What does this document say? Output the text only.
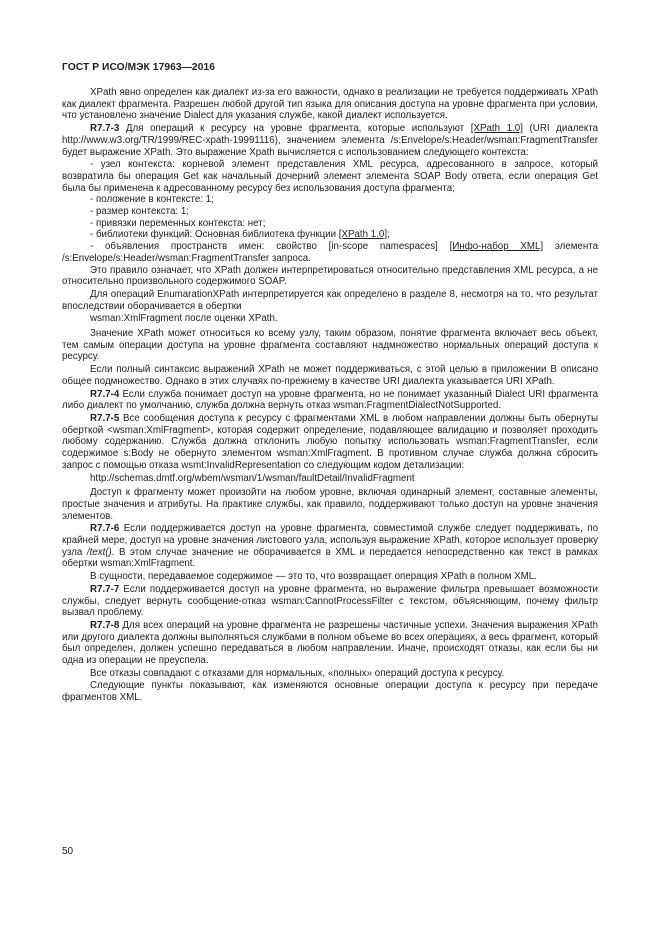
ГОСТ Р ИСО/МЭК 17963—2016

XPath явно определен как диалект из-за его важности, однако в реализации не требуется поддерживать XPath как диалект фрагмента. Разрешен любой другой тип языка для описания доступа на уровне фрагмента при условии, что установлено значение Dialect для указания службе, какой диалект используется.

R7.7-3 Для операций к ресурсу на уровне фрагмента, которые используют [XPath 1.0] (URI диалекта http://www.w3.org/TR/1999/REC-xpath-19991116), значением элемента /s:Envelope/s:Header/wsman:FragmentTransfer будет выражение XPath. Это выражение Xpath вычисляется с использованием следующего контекста:

- узел контекста: корневой элемент представления XML ресурса, адресованного в запросе, который возвратила бы операция Get как начальный дочерний элемент элемента SOAP Body ответа, если операция Get была бы применена к адресованному ресурсу без использования доступа фрагмента;

- положение в контексте: 1;

- размер контекста: 1;

- привязки переменных контекста: нет;

- библиотеки функций: Основная библиотека функции [XPath 1.0];

- объявления пространств имен: свойство [in-scope namespaces] [Инфо-набор XML] элемента /s:Envelope/s:Header/wsman:FragmentTransfer запроса.

Это правило означает, что XPath должен интерпретироваться относительно представления XML ресурса, а не относительно произвольного содержимого SOAP.

Для операций EnumarationXPath интерпретируется как определено в разделе 8, несмотря на то, что результат впоследствии оборачивается в обертки

wsman:XmlFragment после оценки XPath.

Значение XPath может относиться ко всему узлу, таким образом, понятие фрагмента включает весь объект, тем самым операции доступа на уровне фрагмента составляют надмножество нормальных операций доступа к ресурсу.

Если полный синтаксис выражений XPath не может поддерживаться, с этой целью в приложении В описано общее подмножество. Однако в этих случаях по-прежнему в качестве URI диалекта указывается URI XPath.

R7.7-4 Если служба понимает доступ на уровне фрагмента, но не понимает указанный Dialect URI фрагмента либо диалект по умолчанию, служба должна вернуть отказ wsman:FragmentDialectNotSupported.

R7.7-5 Все сообщения доступа к ресурсу с фрагментами XML в любом направлении должны быть обернуты оберткой <wsman:XmlFragment>, которая содержит определение, подавляющее валидацию и позволяет проходить любому содержанию. Служба должна отклонить любую попытку использовать wsman:FragmentTransfer, если содержимое s:Body не обернуто элементом wsman:XmlFragment. В противном случае служба должна сбросить запрос с помощью отказа wsmt:InvalidRepresentation со следующим кодом детализации:

http://schemas.dmtf.org/wbem/wsman/1/wsman/faultDetail/InvalidFragment

Доступ к фрагменту может произойти на любом уровне, включая одинарный элемент, составные элементы, простые значения и атрибуты. На практике службы, как правило, поддерживают только доступ на уровне значения элементов.

R7.7-6 Если поддерживается доступ на уровне фрагмента, совместимой службе следует поддерживать, по крайней мере, доступ на уровне значения листового узла, используя выражение XPath, которое использует проверку узла /text(). В этом случае значение не оборачивается в XML и передается непосредственно как текст в рамках обертки wsman:XmlFragment.

В сущности, передаваемое содержимое — это то, что возвращает операция XPath в полном XML.

R7.7-7 Если поддерживается доступ на уровне фрагмента, но выражение фильтра превышает возможности службы, следует вернуть сообщение-отказ wsman:CannotProcessFilter с текстом, объясняющим, почему фильтр вызвал проблему.

R7.7-8 Для всех операций на уровне фрагмента не разрешены частичные успехи. Значения выражения XPath или другого диалекта должны выполняться службами в полном объеме во всех операциях, а весь фрагмент, который был определен, должен успешно передаваться в любом направлении. Иначе, происходят отказы, как если бы ни одна из операции не преуспела.

Все отказы совпадают с отказами для нормальных, «полных» операций доступа к ресурсу.

Следующие пункты показывают, как изменяются основные операции доступа к ресурсу при передаче фрагментов XML.

50
